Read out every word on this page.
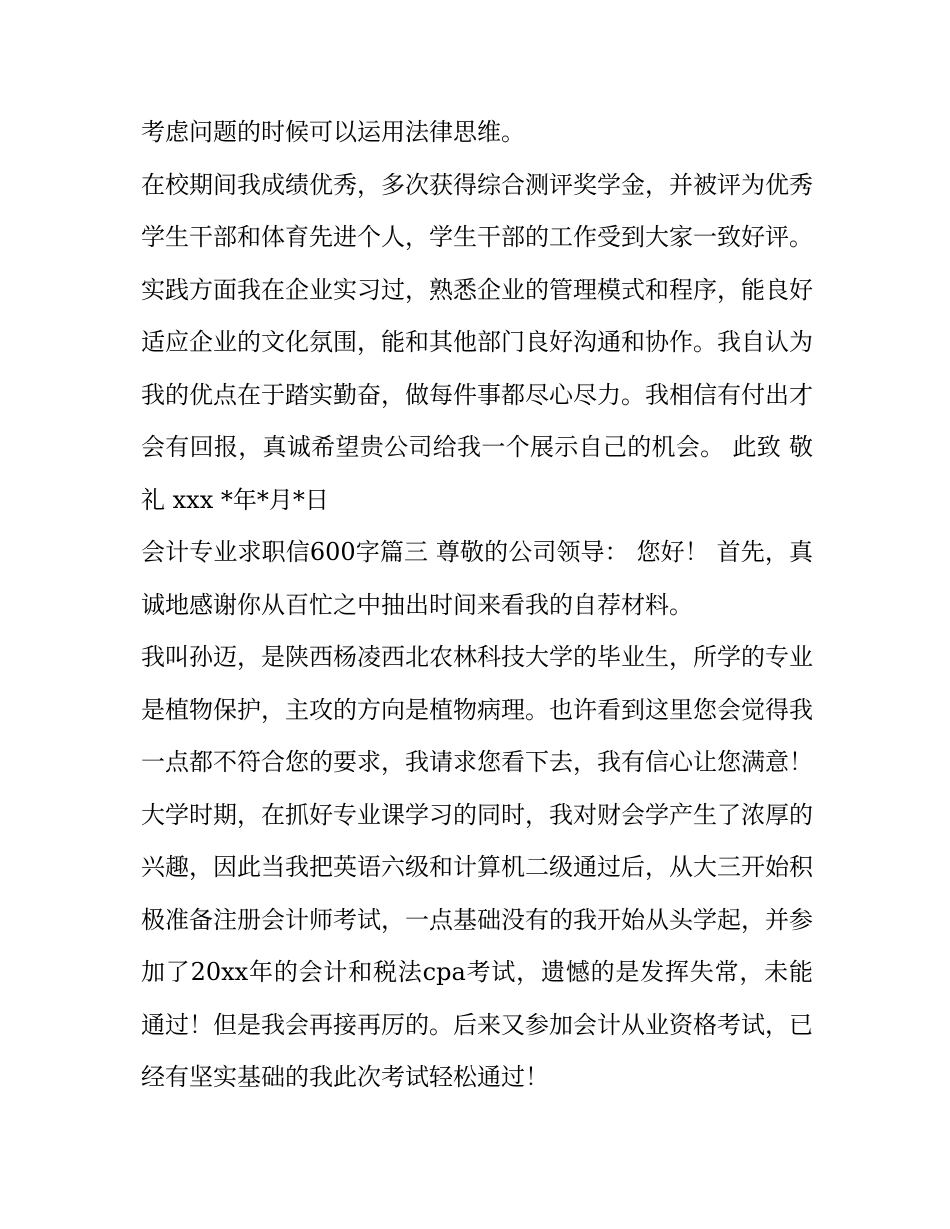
考虑问题的时候可以运用法律思维。

在校期间我成绩优秀，多次获得综合测评奖学金，并被评为优秀学生干部和体育先进个人，学生干部的工作受到大家一致好评。实践方面我在企业实习过，熟悉企业的管理模式和程序，能良好适应企业的文化氛围，能和其他部门良好沟通和协作。我自认为我的优点在于踏实勤奋，做每件事都尽心尽力。我相信有付出才会有回报，真诚希望贵公司给我一个展示自己的机会。 此致 敬礼 xxx *年*月*日

会计专业求职信600字篇三 尊敬的公司领导： 您好！ 首先，真诚地感谢你从百忙之中抽出时间来看我的自荐材料。

我叫孙迈，是陕西杨凌西北农林科技大学的毕业生，所学的专业是植物保护，主攻的方向是植物病理。也许看到这里您会觉得我一点都不符合您的要求，我请求您看下去，我有信心让您满意！

大学时期，在抓好专业课学习的同时，我对财会学产生了浓厚的兴趣，因此当我把英语六级和计算机二级通过后，从大三开始积极准备注册会计师考试，一点基础没有的我开始从头学起，并参加了20xx年的会计和税法cpa考试，遗憾的是发挥失常，未能通过！但是我会再接再厉的。后来又参加会计从业资格考试，已经有坚实基础的我此次考试轻松通过！
